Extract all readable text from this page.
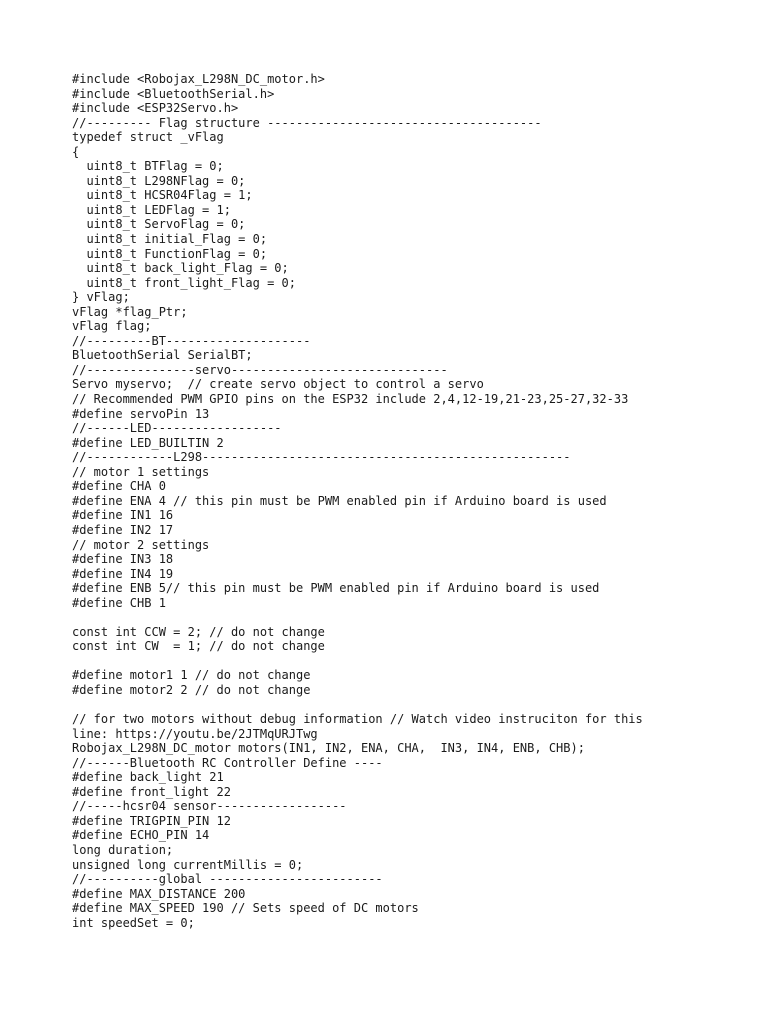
#include <Robojax_L298N_DC_motor.h>
#include <BluetoothSerial.h>
#include <ESP32Servo.h>
//--------- Flag structure --------------------------------------
typedef struct _vFlag
{
uint8_t BTFlag = 0;
uint8_t L298NFlag = 0;
uint8_t HCSR04Flag = 1;
uint8_t LEDFlag = 1;
uint8_t ServoFlag = 0;
uint8_t initial_Flag = 0;
uint8_t FunctionFlag = 0;
uint8_t back_light_Flag = 0;
uint8_t front_light_Flag = 0;
} vFlag;
vFlag *flag_Ptr;
vFlag flag;
//---------BT--------------------
BluetoothSerial SerialBT;
//---------------servo------------------------------
Servo myservo;  // create servo object to control a servo
// Recommended PWM GPIO pins on the ESP32 include 2,4,12-19,21-23,25-27,32-33
#define servoPin 13
//------LED------------------
#define LED_BUILTIN 2
//------------L298---------------------------------------------------
// motor 1 settings
#define CHA 0
#define ENA 4 // this pin must be PWM enabled pin if Arduino board is used
#define IN1 16
#define IN2 17
// motor 2 settings
#define IN3 18
#define IN4 19
#define ENB 5// this pin must be PWM enabled pin if Arduino board is used
#define CHB 1
const int CCW = 2; // do not change
const int CW  = 1; // do not change
#define motor1 1 // do not change
#define motor2 2 // do not change
// for two motors without debug information // Watch video instruciton for this
line: https://youtu.be/2JTMqURJTwg
Robojax_L298N_DC_motor motors(IN1, IN2, ENA, CHA,  IN3, IN4, ENB, CHB);
//------Bluetooth RC Controller Define ----
#define back_light 21
#define front_light 22
//-----hcsr04 sensor------------------
#define TRIGPIN_PIN 12
#define ECHO_PIN 14
long duration;
unsigned long currentMillis = 0;
//----------global ------------------------
#define MAX_DISTANCE 200
#define MAX_SPEED 190 // Sets speed of DC motors
int speedSet = 0;
